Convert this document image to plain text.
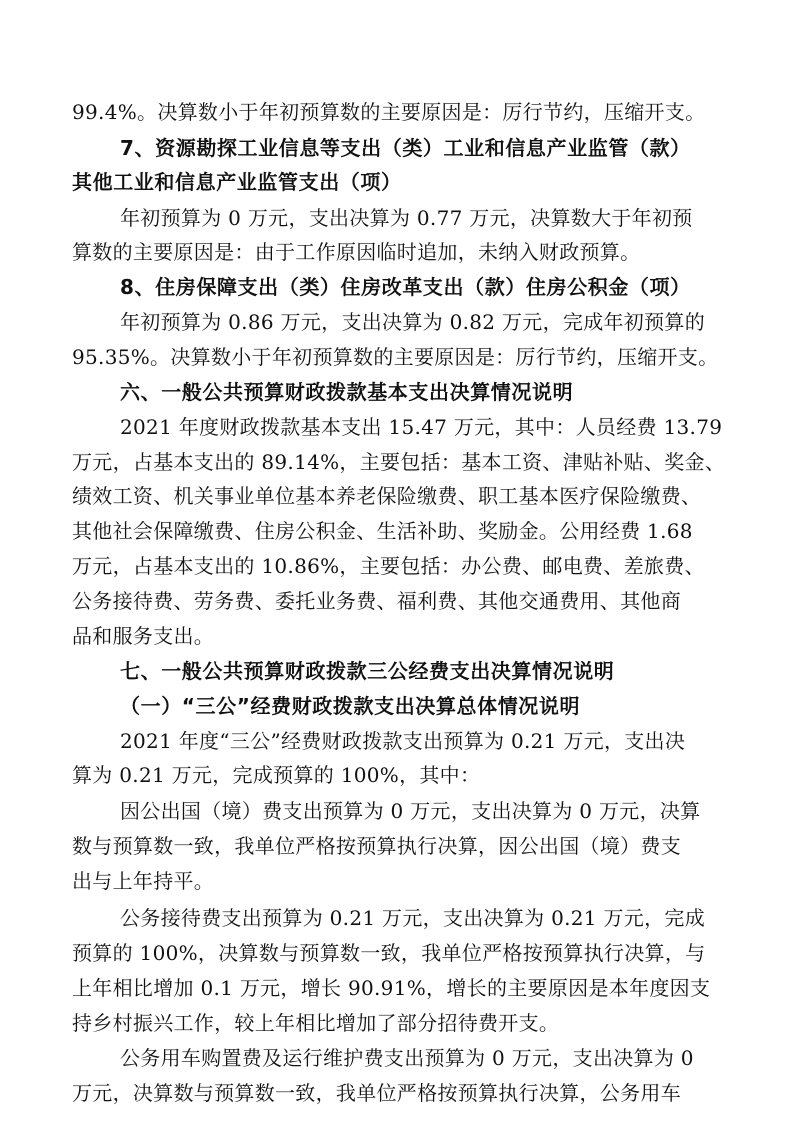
99.4%。决算数小于年初预算数的主要原因是：厉行节约，压缩开支。
7、资源勘探工业信息等支出（类）工业和信息产业监管（款）
其他工业和信息产业监管支出（项）
年初预算为 0 万元，支出决算为 0.77 万元，决算数大于年初预
算数的主要原因是：由于工作原因临时追加，未纳入财政预算。
8、住房保障支出（类）住房改革支出（款）住房公积金（项）
年初预算为 0.86 万元，支出决算为 0.82 万元，完成年初预算的
95.35%。决算数小于年初预算数的主要原因是：厉行节约，压缩开支。
六、一般公共预算财政拨款基本支出决算情况说明
2021 年度财政拨款基本支出 15.47 万元，其中：人员经费 13.79
万元，占基本支出的 89.14%，主要包括：基本工资、津贴补贴、奖金、
绩效工资、机关事业单位基本养老保险缴费、职工基本医疗保险缴费、
其他社会保障缴费、住房公积金、生活补助、奖励金。公用经费 1.68
万元，占基本支出的 10.86%，主要包括：办公费、邮电费、差旅费、
公务接待费、劳务费、委托业务费、福利费、其他交通费用、其他商
品和服务支出。
七、一般公共预算财政拨款三公经费支出决算情况说明
（一）“三公”经费财政拨款支出决算总体情况说明
2021 年度“三公”经费财政拨款支出预算为 0.21 万元，支出决
算为 0.21 万元，完成预算的 100%，其中：
因公出国（境）费支出预算为 0 万元，支出决算为 0 万元，决算
数与预算数一致，我单位严格按预算执行决算，因公出国（境）费支
出与上年持平。
公务接待费支出预算为 0.21 万元，支出决算为 0.21 万元，完成
预算的 100%，决算数与预算数一致，我单位严格按预算执行决算，与
上年相比增加 0.1 万元，增长 90.91%，增长的主要原因是本年度因支
持乡村振兴工作，较上年相比增加了部分招待费开支。
公务用车购置费及运行维护费支出预算为 0 万元，支出决算为 0
万元，决算数与预算数一致，我单位严格按预算执行决算，公务用车
